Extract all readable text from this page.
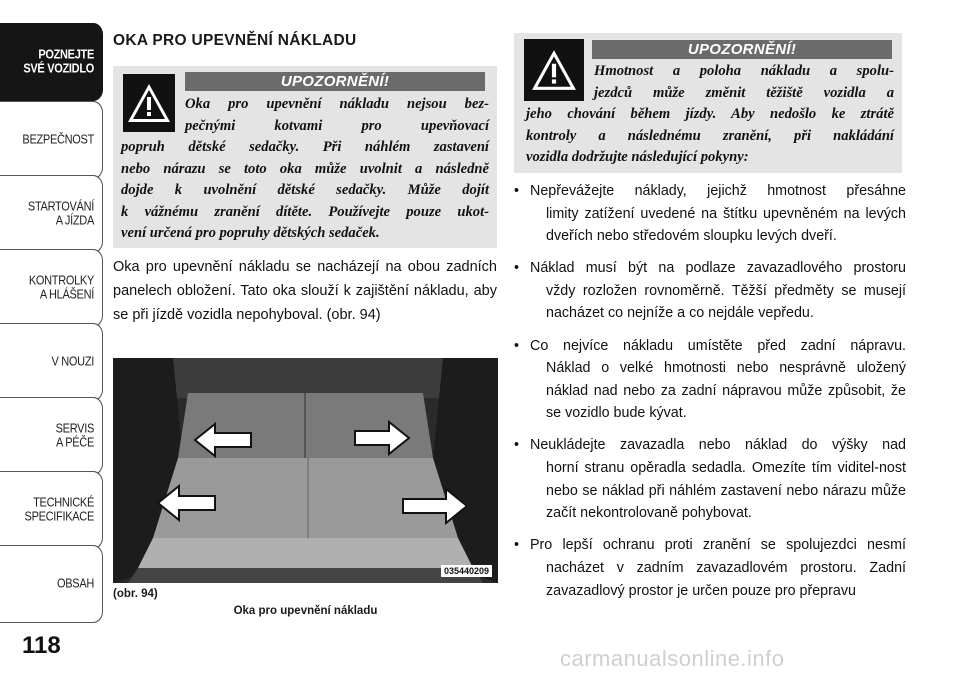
POZNEJTE
SVÉ VOZIDLO
BEZPEČNOST
STARTOVÁNÍ
A JÍZDA
KONTROLKY
A HLÁŠENÍ
V NOUZI
SERVIS
A PÉČE
TECHNICKÉ
SPECIFIKACE
OBSAH
118
OKA PRO UPEVNĚNÍ NÁKLADU
UPOZORNĚNÍ!
Oka pro upevnění nákladu nejsou bez-
pečnými kotvami pro upevňovací
popruh dětské sedačky. Při náhlém zastavení
nebo nárazu se toto oka může uvolnit a následně
dojde k uvolnění dětské sedačky. Může dojít
k vážnému zranění dítěte. Používejte pouze ukot-
vení určená pro popruhy dětských sedaček.
Oka pro upevnění nákladu se nacházejí na obou zadních panelech obložení. Tato oka slouží k zajištění nákladu, aby se při jízdě vozidla nepohyboval. (obr. 94)
035440209
(obr. 94)
Oka pro upevnění nákladu
UPOZORNĚNÍ!
Hmotnost a poloha nákladu a spolu-
jezdců může změnit těžiště vozidla a
jeho chování během jízdy. Aby nedošlo ke ztrátě
kontroly a následnému zranění, při nakládání
vozidla dodržujte následující pokyny:
• Nepřevážejte náklady, jejichž hmotnost přesáhne
limity zatížení uvedené na štítku upevněném na levých dveřích nebo středovém sloupku levých dveří.
• Náklad musí být na podlaze zavazadlového prostoru
vždy rozložen rovnoměrně. Těžší předměty se musejí nacházet co nejníže a co nejdále vepředu.
• Co nejvíce nákladu umístěte před zadní nápravu.
Náklad o velké hmotnosti nebo nesprávně uložený náklad nad nebo za zadní nápravou může způsobit, že se vozidlo bude kývat.
• Neukládejte zavazadla nebo náklad do výšky nad
horní stranu opěradla sedadla. Omezíte tím viditel-nost nebo se náklad při náhlém zastavení nebo nárazu může začít nekontrolovaně pohybovat.
• Pro lepší ochranu proti zranění se spolujezdci nesmí
nacházet v zadním zavazadlovém prostoru. Zadní zavazadlový prostor je určen pouze pro přepravu
carmanualsonline.info
